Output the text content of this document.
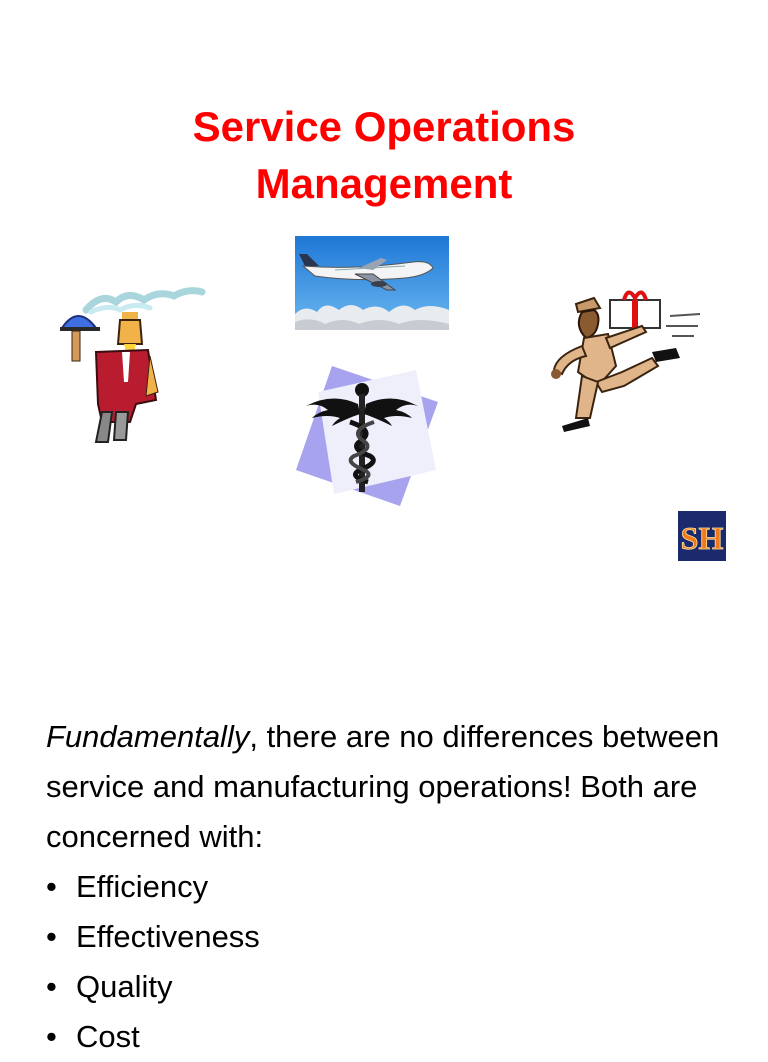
Service Operations
Management
SH

Fundamentally, there are no differences between service and manufacturing operations! Both are concerned with:

• Efficiency
• Effectiveness
• Quality
• Cost
